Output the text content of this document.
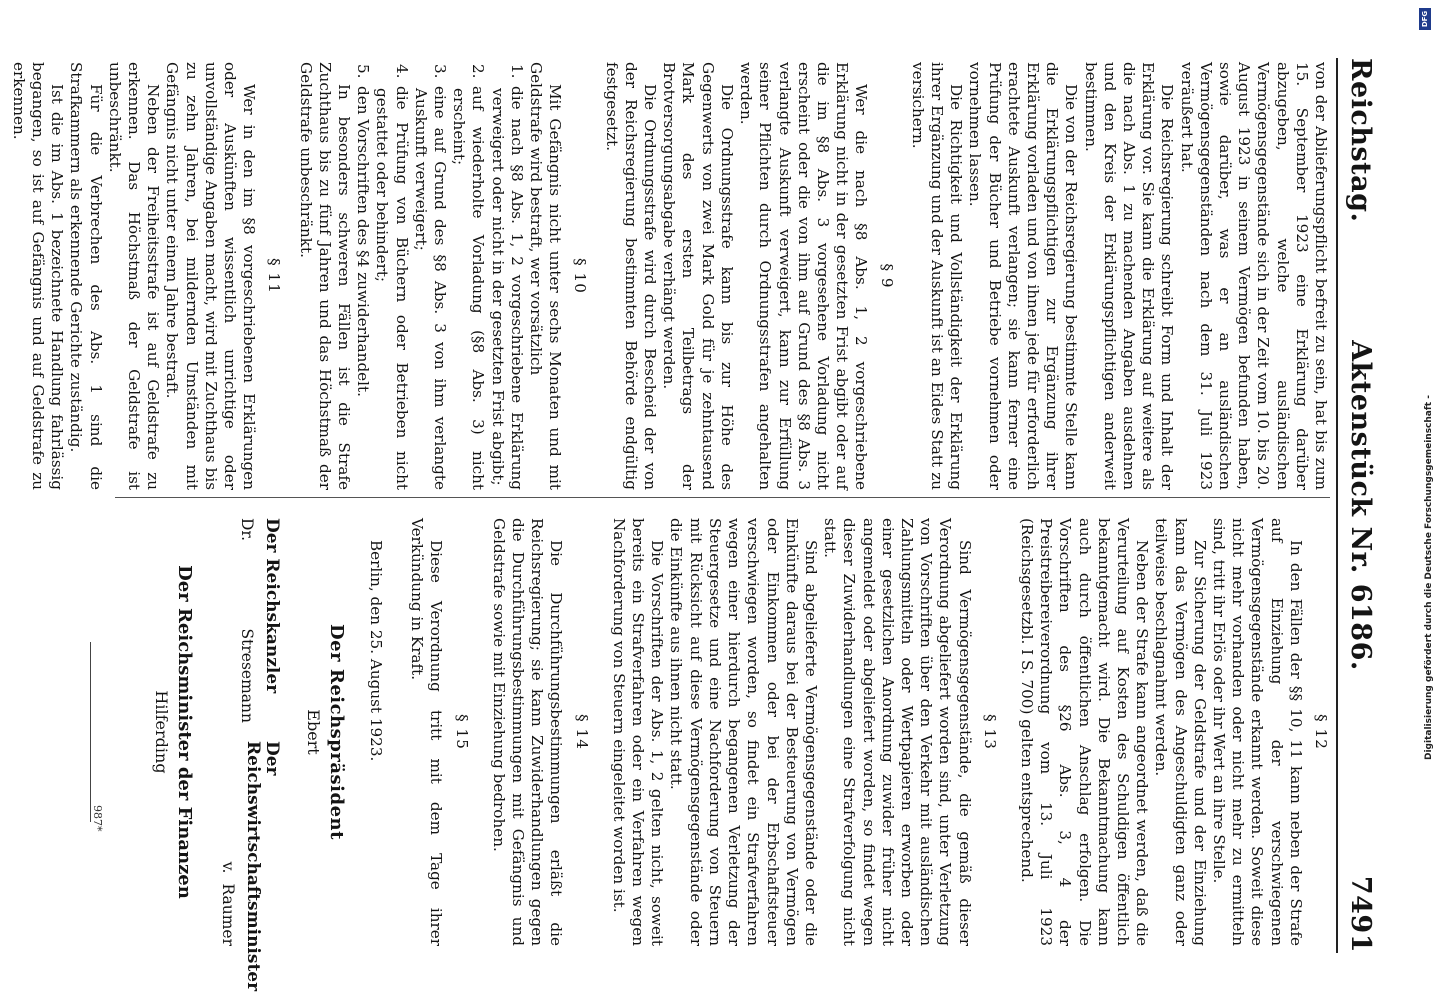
Reichstag.
Aktenstück Nr. 6186.
7491

von der Ablieferungspflicht befreit zu sein, hat bis zum 15. September 1923 eine Erklärung darüber abzugeben, welche ausländischen Vermögensgegenstände sich in der Zeit vom 10. bis 20. August 1923 in seinem Vermögen befunden haben, sowie darüber, was er an ausländischen Vermögensgegenständen nach dem 31. Juli 1923 veräußert hat.

Die Reichsregierung schreibt Form und Inhalt der Erklärung vor. Sie kann die Erklärung auf weitere als die nach Abs. 1 zu machenden Angaben ausdehnen und den Kreis der Erklärungspflichtigen anderweit bestimmen.

Die von der Reichsregierung bestimmte Stelle kann die Erklärungspflichtigen zur Ergänzung ihrer Erklärung vorladen und von ihnen jede für erforderlich erachtete Auskunft verlangen; sie kann ferner eine Prüfung der Bücher und Betriebe vornehmen oder vornehmen lassen.

Die Richtigkeit und Vollständigkeit der Erklärung ihrer Ergänzung und der Auskunft ist an Eides Statt zu versichern.

§ 9

Wer die nach §8 Abs. 1, 2 vorgeschriebene Erklärung nicht in der gesetzten Frist abgibt oder auf die im §8 Abs. 3 vorgesehene Vorladung nicht erscheint oder die von ihm auf Grund des §8 Abs. 3 verlangte Auskunft verweigert, kann zur Erfüllung seiner Pflichten durch Ordnungsstrafen angehalten werden.

Die Ordnungsstrafe kann bis zur Höhe des Gegenwerts von zwei Mark Gold für je zehntausend Mark des ersten Teilbetrags der Brotversorgungsabgabe verhängt werden.

Die Ordnungsstrafe wird durch Bescheid der von der Reichsregierung bestimmten Behörde endgültig festgesetzt.

§ 10

Mit Gefängnis nicht unter sechs Monaten und mit Geldstrafe wird bestraft, wer vorsätzlich

1.die nach §8 Abs. 1, 2 vorgeschriebene Erklärung verweigert oder nicht in der gesetzten Frist abgibt;
2.auf wiederholte Vorladung (§8 Abs. 3) nicht erscheint;
3.eine auf Grund des §8 Abs. 3 von ihm verlangte Auskunft verweigert;
4.die Prüfung von Büchern oder Betrieben nicht gestattet oder behindert;
5.den Vorschriften des §4 zuwiderhandelt.

In besonders schweren Fällen ist die Strafe Zuchthaus bis zu fünf Jahren und das Höchstmaß der Geldstrafe unbeschränkt.

§ 11

Wer in den im §8 vorgeschriebenen Erklärungen oder Auskünften wissentlich unrichtige oder unvollständige Angaben macht, wird mit Zuchthaus bis zu zehn Jahren, bei mildernden Umständen mit Gefängnis nicht unter einem Jahre bestraft.

Neben der Freiheitsstrafe ist auf Geldstrafe zu erkennen. Das Höchstmaß der Geldstrafe ist unbeschränkt.

Für die Verbrechen des Abs. 1 sind die Strafkammern als erkennende Gerichte zuständig.

Ist die im Abs. 1 bezeichnete Handlung fahrlässig begangen, so ist auf Gefängnis und auf Geldstrafe zu erkennen.

§ 12

In den Fällen der §§ 10, 11 kann neben der Strafe auf Einziehung der verschwiegenen Vermögensgegenstände erkannt werden. Soweit diese nicht mehr vorhanden oder nicht mehr zu ermitteln sind, tritt ihr Erlös oder ihr Wert an ihre Stelle.

Zur Sicherung der Geldstrafe und der Einziehung kann das Vermögen des Angeschuldigten ganz oder teilweise beschlagnahmt werden.

Neben der Strafe kann angeordnet werden, daß die Verurteilung auf Kosten des Schuldigen öffentlich bekanntgemacht wird. Die Bekanntmachung kann auch durch öffentlichen Anschlag erfolgen. Die Vorschriften des §26 Abs. 3, 4 der Preistreibereiverordnung vom 13. Juli 1923 (Reichsgesetzbl. I S. 700) gelten entsprechend.

§ 13

Sind Vermögensgegenstände, die gemäß dieser Verordnung abgeliefert worden sind, unter Verletzung von Vorschriften über den Verkehr mit ausländischen Zahlungsmitteln oder Wertpapieren erworben oder einer gesetzlichen Anordnung zuwider früher nicht angemeldet oder abgeliefert worden, so findet wegen dieser Zuwiderhandlungen eine Strafverfolgung nicht statt.

Sind abgelieferte Vermögensgegenstände oder die Einkünfte daraus bei der Besteuerung von Vermögen oder Einkommen oder bei der Erbschaftsteuer verschwiegen worden, so findet ein Strafverfahren wegen einer hierdurch begangenen Verletzung der Steuergesetze und eine Nachforderung von Steuern mit Rücksicht auf diese Vermögensgegenstände oder die Einkünfte aus ihnen nicht statt.

Die Vorschriften der Abs. 1, 2 gelten nicht, soweit bereits ein Strafverfahren oder ein Verfahren wegen Nachforderung von Steuern eingeleitet worden ist.

§ 14

Die Durchführungsbestimmungen erläßt die Reichsregierung; sie kann Zuwiderhandlungen gegen die Durchführungsbestimmungen mit Gefängnis und Geldstrafe sowie mit Einziehung bedrohen.

§ 15

Diese Verordnung tritt mit dem Tage ihrer Verkündung in Kraft.

Berlin, den 25. August 1923.

Der Reichspräsident
Ebert
Der Reichskanzler
Dr.
Stresemann
Der Reichswirtschaftsminister
v.
Raumer
Der Reichsminister der Finanzen
Hilferding
987*
DFG
Digitalisierung gefördert durch die Deutsche Forschungsgemeinschaft -
